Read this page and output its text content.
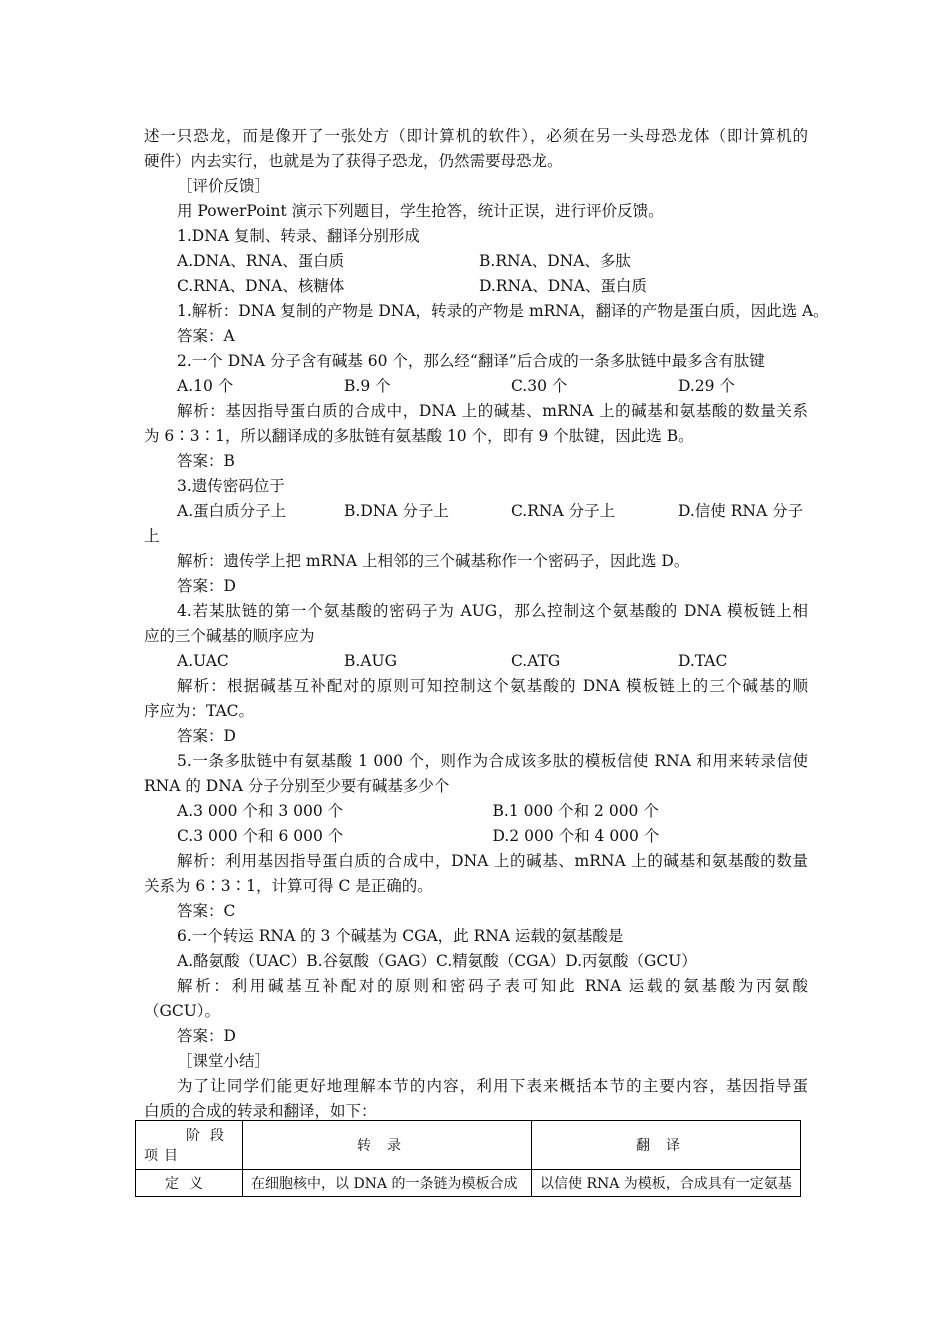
述一只恐龙，而是像开了一张处方（即计算机的软件），必须在另一头母恐龙体（即计算机的

硬件）内去实行，也就是为了获得子恐龙，仍然需要母恐龙。

［评价反馈］

用 PowerPoint 演示下列题目，学生抢答，统计正误，进行评价反馈。

1.DNA 复制、转录、翻译分别形成

A.DNA、RNA、蛋白质	B.RNA、DNA、多肽
C.RNA、DNA、核糖体	D.RNA、DNA、蛋白质

1.解析：DNA 复制的产物是 DNA，转录的产物是 mRNA，翻译的产物是蛋白质，因此选 A。

答案：A

2.一个 DNA 分子含有碱基 60 个，那么经“翻译”后合成的一条多肽链中最多含有肽键

A.10 个	B.9 个	C.30 个	D.29 个

解析：基因指导蛋白质的合成中，DNA 上的碱基、mRNA 上的碱基和氨基酸的数量关系

为 6∶3∶1，所以翻译成的多肽链有氨基酸 10 个，即有 9 个肽键，因此选 B。

答案：B

3.遗传密码位于

A.蛋白质分子上	B.DNA 分子上	C.RNA 分子上	D.信使 RNA 分子

上

解析：遗传学上把 mRNA 上相邻的三个碱基称作一个密码子，因此选 D。

答案：D

4.若某肽链的第一个氨基酸的密码子为 AUG，那么控制这个氨基酸的 DNA 模板链上相

应的三个碱基的顺序应为

A.UAC	B.AUG	C.ATG	D.TAC

解析：根据碱基互补配对的原则可知控制这个氨基酸的 DNA 模板链上的三个碱基的顺

序应为：TAC。

答案：D

5.一条多肽链中有氨基酸 1 000 个，则作为合成该多肽的模板信使 RNA 和用来转录信使

RNA 的 DNA 分子分别至少要有碱基多少个

A.3 000 个和 3 000 个	B.1 000 个和 2 000 个
C.3 000 个和 6 000 个	D.2 000 个和 4 000 个

解析：利用基因指导蛋白质的合成中，DNA 上的碱基、mRNA 上的碱基和氨基酸的数量

关系为 6∶3∶1，计算可得 C 是正确的。

答案：C

6.一个转运 RNA 的 3 个碱基为 CGA，此 RNA 运载的氨基酸是

A.酪氨酸（UAC）B.谷氨酸（GAG）C.精氨酸（CGA）D.丙氨酸（GCU）

解析：利用碱基互补配对的原则和密码子表可知此 RNA 运载的氨基酸为丙氨酸

（GCU）。

答案：D

［课堂小结］

为了让同学们能更好地理解本节的内容，利用下表来概括本节的主要内容，基因指导蛋

白质的合成的转录和翻译，如下：

阶段
项目	转录	翻译
定义	在细胞核中，以 DNA 的一条链为模板合成	以信使 RNA 为模板，合成具有一定氨基
